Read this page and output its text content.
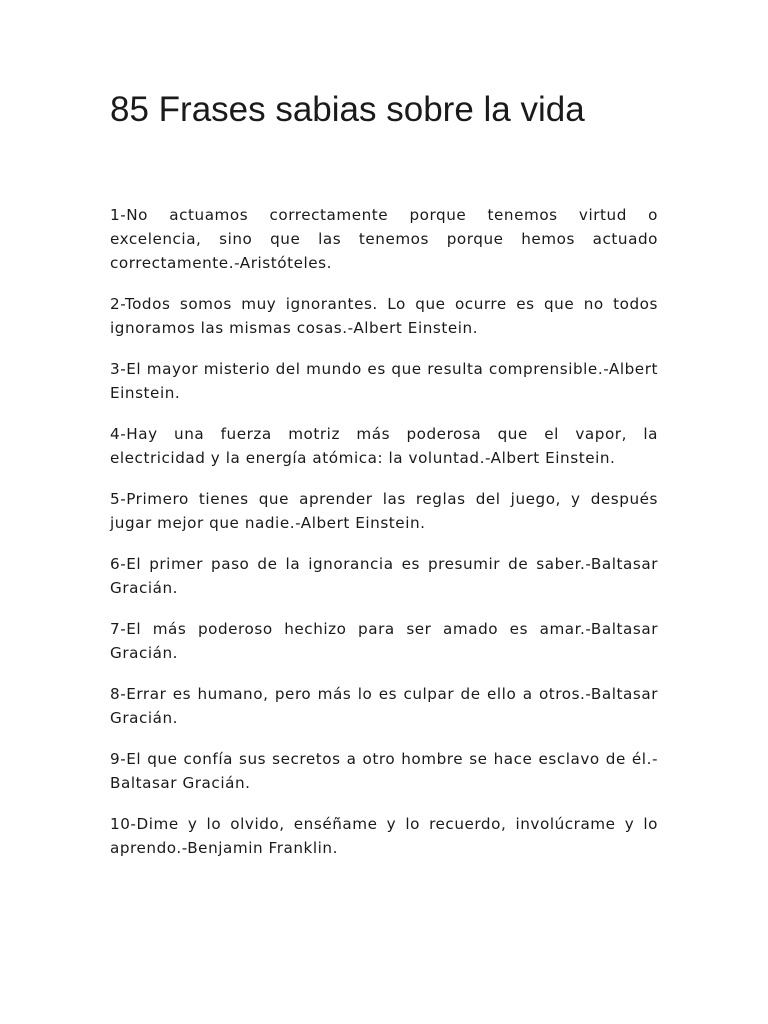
85 Frases sabias sobre la vida

1-No actuamos correctamente porque tenemos virtud o excelencia, sino que las tenemos porque hemos actuado correctamente.-Aristóteles.

2-Todos somos muy ignorantes. Lo que ocurre es que no todos ignoramos las mismas cosas.-Albert Einstein.

3-El mayor misterio del mundo es que resulta comprensible.-Albert Einstein.

4-Hay una fuerza motriz más poderosa que el vapor, la electricidad y la energía atómica: la voluntad.-Albert Einstein.

5-Primero tienes que aprender las reglas del juego, y después jugar mejor que nadie.-Albert Einstein.

6-El primer paso de la ignorancia es presumir de saber.-Baltasar Gracián.

7-El más poderoso hechizo para ser amado es amar.-Baltasar Gracián.

8-Errar es humano, pero más lo es culpar de ello a otros.-Baltasar Gracián.

9-El que confía sus secretos a otro hombre se hace esclavo de él.-Baltasar Gracián.

10-Dime y lo olvido, enséñame y lo recuerdo, involúcrame y lo aprendo.-Benjamin Franklin.
